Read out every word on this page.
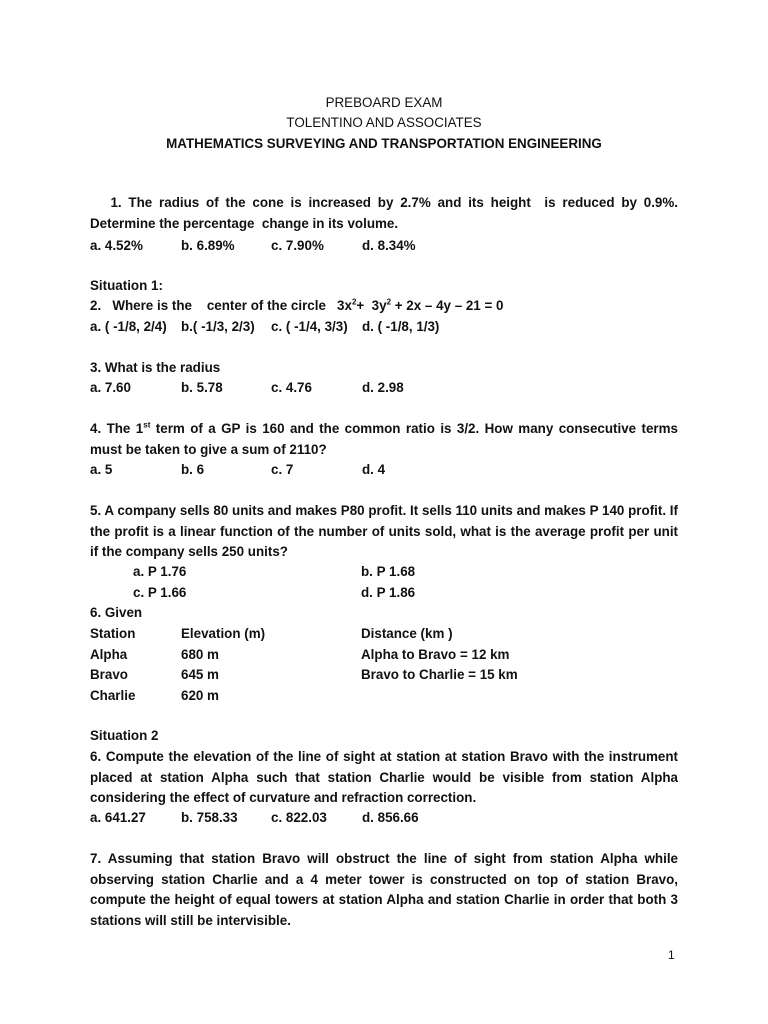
PREBOARD EXAM
TOLENTINO AND ASSOCIATES
MATHEMATICS SURVEYING AND TRANSPORTATION ENGINEERING
1. The radius of the cone is increased by 2.7% and its height  is reduced by 0.9%.  Determine the percentage  change in its volume.
a. 4.52%	b. 6.89%	c. 7.90%	d. 8.34%
Situation 1:
2.   Where is the    center of the circle   $3x^2+ 3y^2 + 2x - 4y - 21 = 0$
a. ( -1/8, 2/4) b.( -1/3, 2/3) c. ( -1/4, 3/3) d. ( -1/8, 1/3)
3. What is the radius
a. 7.60	b. 5.78	c. 4.76	d. 2.98
4. The 1st term of a GP is 160 and the common ratio is 3/2. How many consecutive terms must be taken to give a sum of 2110?
a. 5	b. 6	c. 7	d. 4
5. A company sells 80 units and makes P80 profit. It sells 110 units and makes P 140 profit. If the profit is a linear function of the number of units sold, what is the average profit per unit if the company sells 250 units?
a. P 1.76	b. P 1.68
c. P 1.66	d. P 1.86
6. Given
Station	Elevation (m)	Distance (km )
Alpha	680 m	Alpha to Bravo = 12 km
Bravo	645 m	Bravo to Charlie = 15 km
Charlie	620 m
Situation 2
6. Compute the elevation of the line of sight at station at station Bravo with the instrument placed at station Alpha such that station Charlie would be visible from station Alpha considering the effect of curvature and refraction correction.
a. 641.27	b. 758.33 c. 822.03	d. 856.66
7. Assuming that station Bravo will obstruct the line of sight from station Alpha while observing station Charlie and a 4 meter tower is constructed on top of station Bravo, compute the height of equal towers at station Alpha and station Charlie in order that both 3 stations will still be intervisible.
1
